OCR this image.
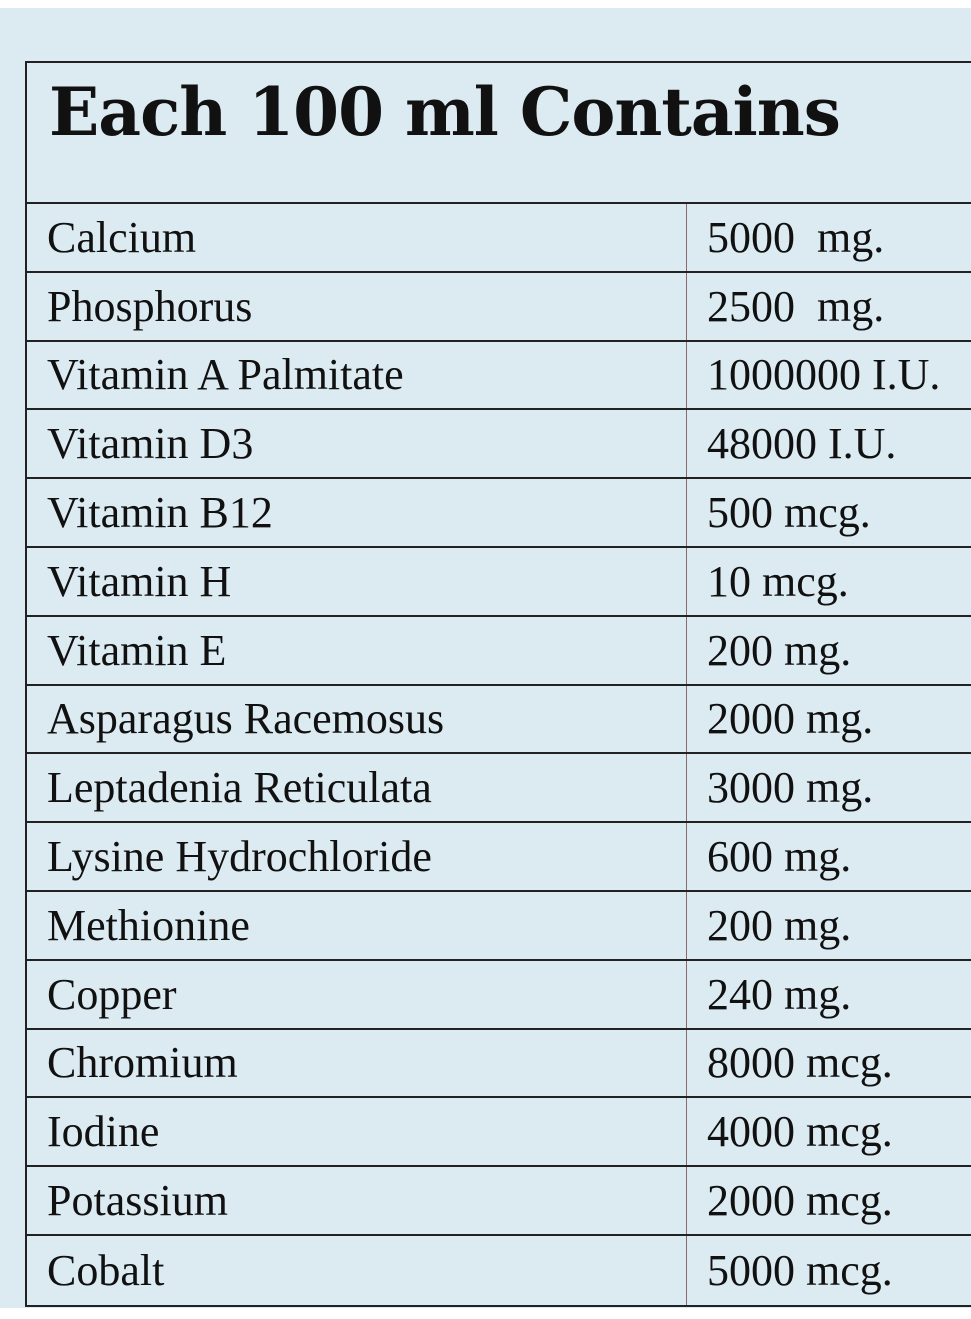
Each 100 ml Contains
Calcium	5000  mg.
Phosphorus	2500  mg.
Vitamin A Palmitate	1000000 I.U.
Vitamin D3	48000 I.U.
Vitamin B12	500 mcg.
Vitamin H	10 mcg.
Vitamin E	200 mg.
Asparagus Racemosus	2000 mg.
Leptadenia Reticulata	3000 mg.
Lysine Hydrochloride	600 mg.
Methionine	200 mg.
Copper	240 mg.
Chromium	8000 mcg.
Iodine	4000 mcg.
Potassium	2000 mcg.
Cobalt	5000 mcg.
